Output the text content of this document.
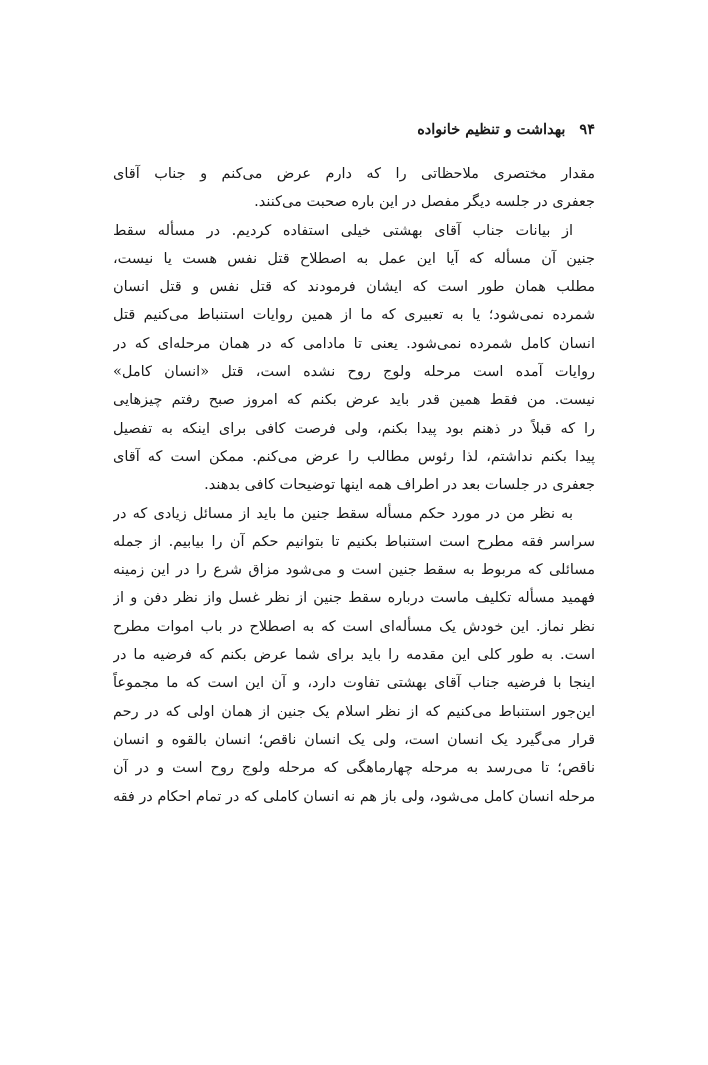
۹۴بهداشت و تنظیم خانواده
مقدار مختصری ملاحظاتی را که دارم عرض می‌کنم و جناب آقای
جعفری در جلسه دیگر مفصل در این باره صحبت می‌کنند.
از بیانات جناب آقای بهشتی خیلی استفاده کردیم. در مسأله سقط
جنین آن مسأله که آیا این عمل به اصطلاح قتل نفس هست یا نیست،
مطلب همان طور است که ایشان فرمودند که قتل نفس و قتل انسان
شمرده نمی‌شود؛ یا به تعبیری که ما از همین روایات استنباط می‌کنیم قتل
انسان کامل شمرده نمی‌شود. یعنی تا مادامی که در همان مرحله‌ای که در
روایات آمده است مرحله ولوج روح نشده است، قتل «انسان کامل»
نیست. من فقط همین قدر باید عرض بکنم که امروز صبح رفتم چیزهایی
را که قبلاً در ذهنم بود پیدا بکنم، ولی فرصت کافی برای اینکه به تفصیل
پیدا بکنم نداشتم، لذا رئوس مطالب را عرض می‌کنم. ممکن است که آقای
جعفری در جلسات بعد در اطراف همه اینها توضیحات کافی بدهند.
به نظر من در مورد حکم مسأله سقط جنین ما باید از مسائل زیادی که در
سراسر فقه مطرح است استنباط بکنیم تا بتوانیم حکم آن را بیابیم. از جمله
مسائلی که مربوط به سقط جنین است و می‌شود مزاق شرع را در این زمینه
فهمید مسأله تکلیف ماست درباره سقط جنین از نظر غسل واز نظر دفن و از
نظر نماز. این خودش یک مسأله‌ای است که به اصطلاح در باب اموات مطرح
است. به طور کلی این مقدمه را باید برای شما عرض بکنم که فرضیه ما در
اینجا با فرضیه جناب آقای بهشتی تفاوت دارد، و آن این است که ما مجموعاً
این‌جور استنباط می‌کنیم که از نظر اسلام یک جنین از همان اولی که در رحم
قرار می‌گیرد یک انسان است، ولی یک انسان ناقص؛ انسان بالقوه و انسان
ناقص؛ تا می‌رسد به مرحله چهارماهگی که مرحله ولوج روح است و در آن
مرحله انسان کامل می‌شود، ولی باز هم نه انسان کاملی که در تمام احکام در فقه
